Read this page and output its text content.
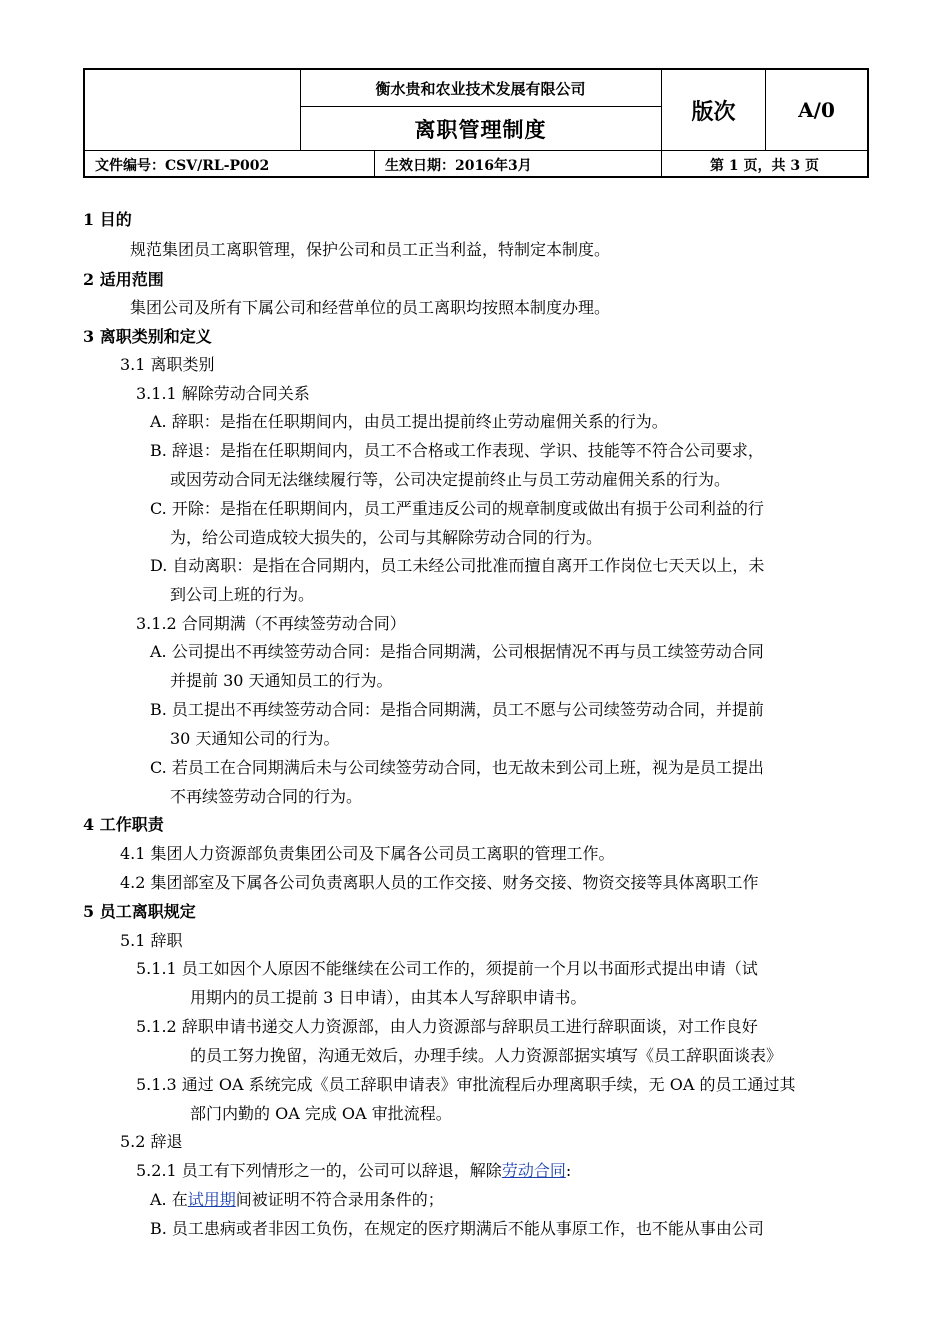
衡水贵和农业技术发展有限公司
离职管理制度
版次	A/0
文件编号：CSV/RL-P002	生效日期：2016年3月	第 1 页，共 3 页
1 目的
规范集团员工离职管理，保护公司和员工正当利益，特制定本制度。
2 适用范围
集团公司及所有下属公司和经营单位的员工离职均按照本制度办理。
3 离职类别和定义
3.1 离职类别
3.1.1 解除劳动合同关系
A. 辞职：是指在任职期间内，由员工提出提前终止劳动雇佣关系的行为。
B. 辞退：是指在任职期间内，员工不合格或工作表现、学识、技能等不符合公司要求，
或因劳动合同无法继续履行等，公司决定提前终止与员工劳动雇佣关系的行为。
C. 开除：是指在任职期间内，员工严重违反公司的规章制度或做出有损于公司利益的行
为，给公司造成较大损失的，公司与其解除劳动合同的行为。
D. 自动离职：是指在合同期内，员工未经公司批准而擅自离开工作岗位七天天以上，未
到公司上班的行为。
3.1.2 合同期满（不再续签劳动合同）
A. 公司提出不再续签劳动合同：是指合同期满，公司根据情况不再与员工续签劳动合同
并提前 30 天通知员工的行为。
B. 员工提出不再续签劳动合同：是指合同期满，员工不愿与公司续签劳动合同，并提前
30 天通知公司的行为。
C. 若员工在合同期满后未与公司续签劳动合同，也无故未到公司上班，视为是员工提出
不再续签劳动合同的行为。
4 工作职责
4.1 集团人力资源部负责集团公司及下属各公司员工离职的管理工作。
4.2 集团部室及下属各公司负责离职人员的工作交接、财务交接、物资交接等具体离职工作
5 员工离职规定
5.1 辞职
5.1.1 员工如因个人原因不能继续在公司工作的，须提前一个月以书面形式提出申请（试
用期内的员工提前 3 日申请），由其本人写辞职申请书。
5.1.2 辞职申请书递交人力资源部，由人力资源部与辞职员工进行辞职面谈，对工作良好
的员工努力挽留，沟通无效后，办理手续。人力资源部据实填写《员工辞职面谈表》
5.1.3 通过 OA 系统完成《员工辞职申请表》审批流程后办理离职手续，无 OA 的员工通过其
部门内勤的 OA 完成 OA 审批流程。
5.2 辞退
5.2.1 员工有下列情形之一的，公司可以辞退，解除劳动合同:
A. 在试用期间被证明不符合录用条件的；
B. 员工患病或者非因工负伤，在规定的医疗期满后不能从事原工作，也不能从事由公司
